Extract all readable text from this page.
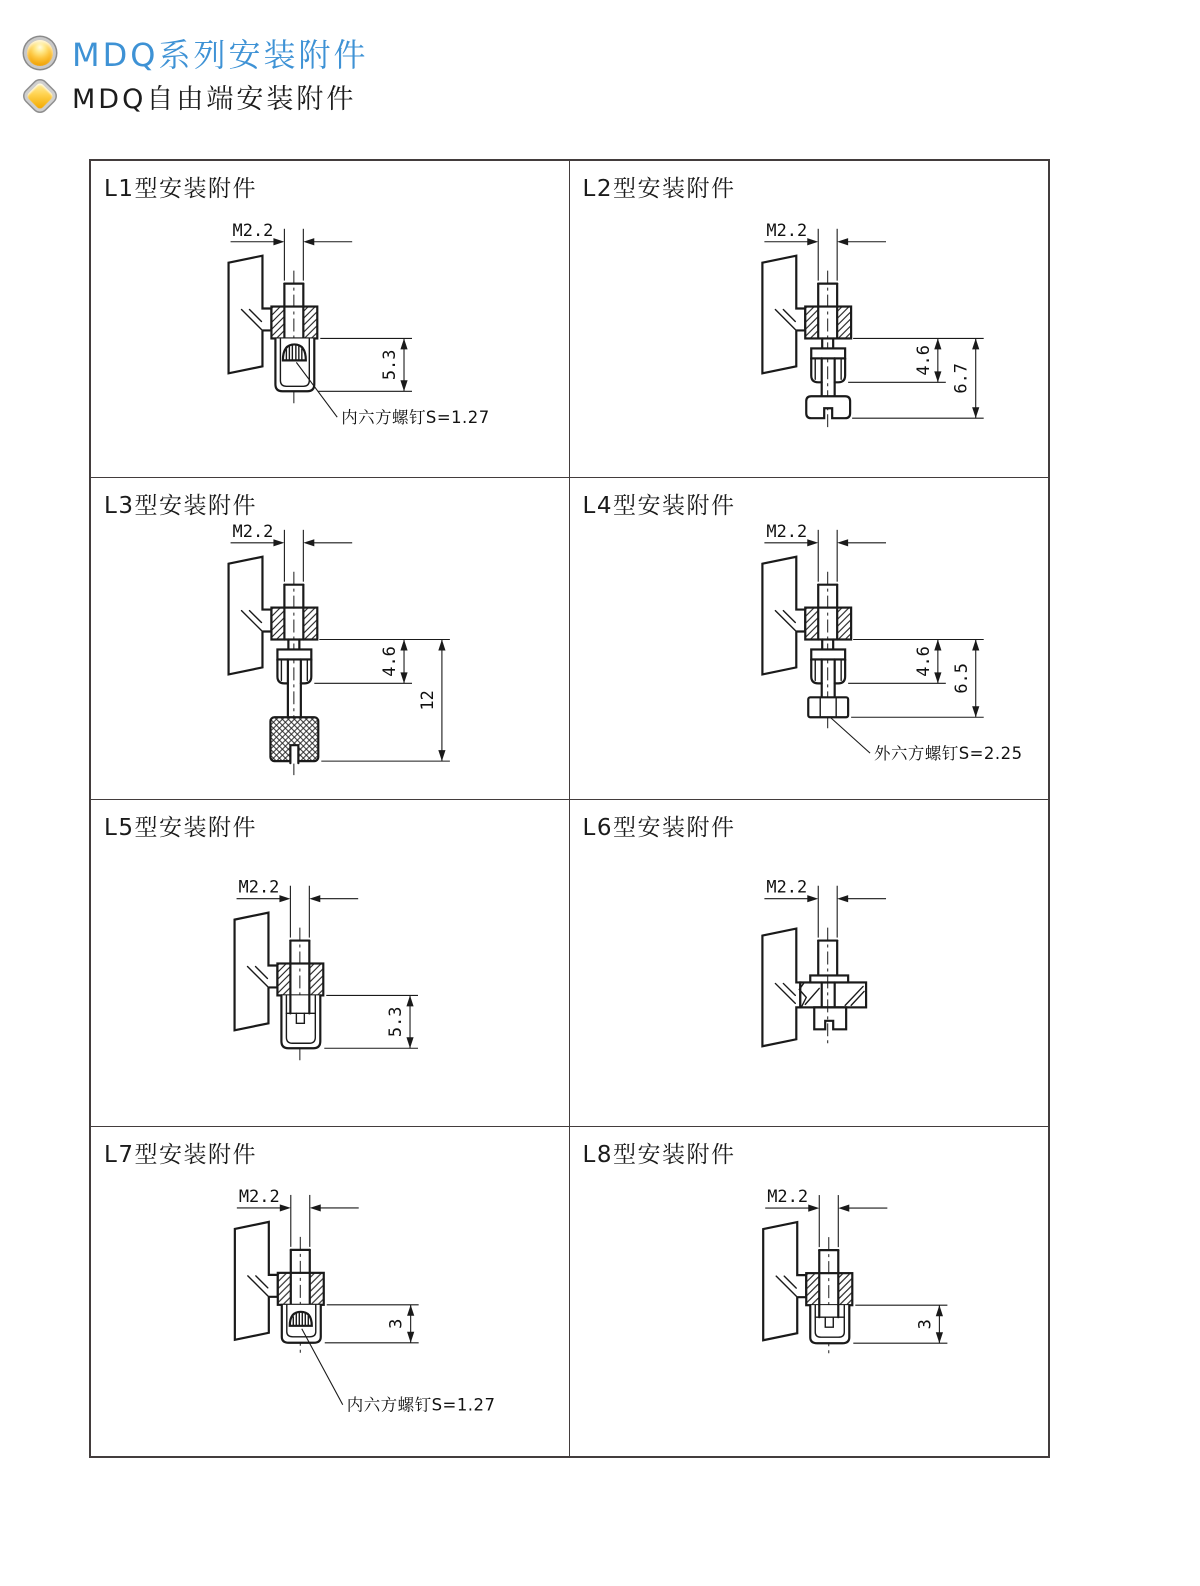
MDQ系列安装附件
MDQ自由端安装附件
L1型安装附件
M2.2
5.3
内六方螺钉S=1.27
L2型安装附件
M2.2
4.6
6.7
L3型安装附件
M2.2
4.6
12
L4型安装附件
M2.2
4.6
6.5
外六方螺钉S=2.25
L5型安装附件
M2.2
5.3
L6型安装附件
M2.2
L7型安装附件
M2.2
3
内六方螺钉S=1.27
L8型安装附件
M2.2
3
